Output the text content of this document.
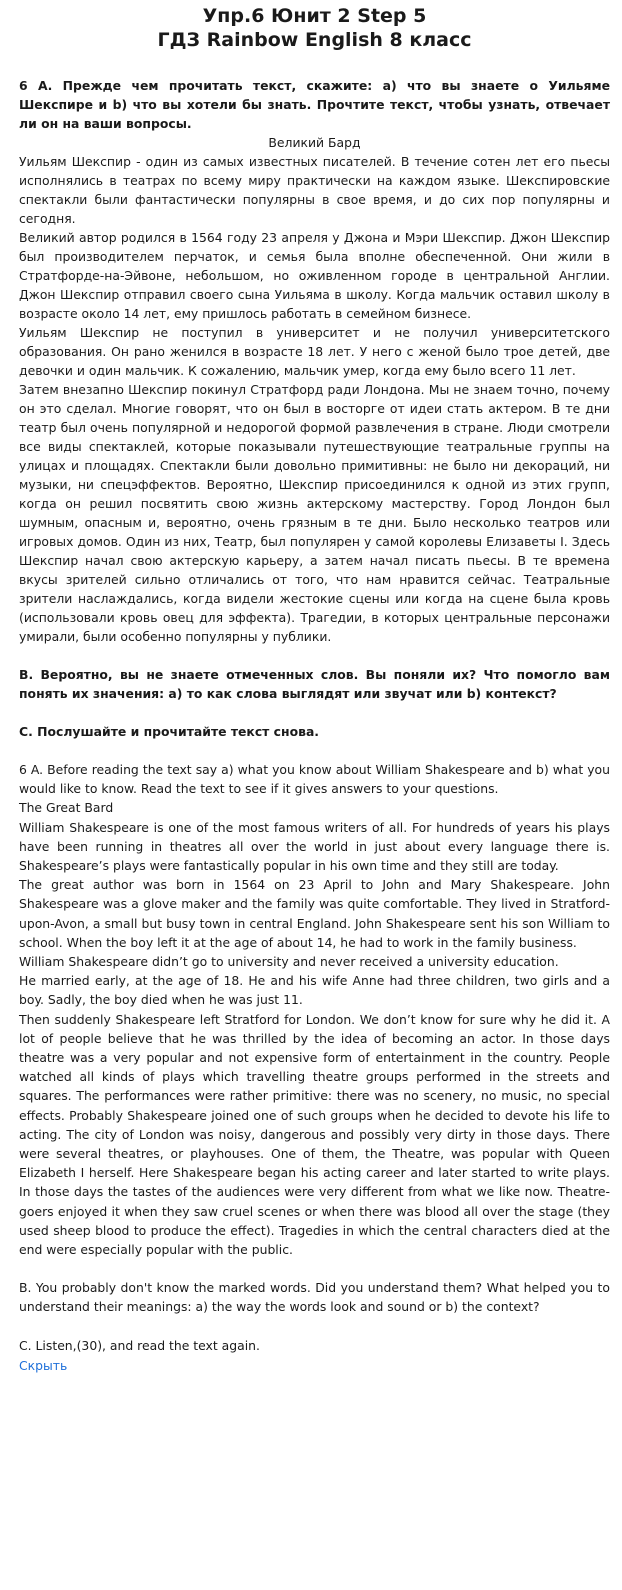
Упр.6 Юнит 2 Step 5
ГДЗ Rainbow English 8 класс

6 А. Прежде чем прочитать текст, скажите: а) что вы знаете о Уильяме Шекспире и b) что вы хотели бы знать. Прочтите текст, чтобы узнать, отвечает ли он на ваши вопросы.

Великий Бард

Уильям Шекспир - один из самых известных писателей. В течение сотен лет его пьесы исполнялись в театрах по всему миру практически на каждом языке. Шекспировские спектакли были фантастически популярны в свое время, и до сих пор популярны и сегодня.

Великий автор родился в 1564 году 23 апреля у Джона и Мэри Шекспир. Джон Шекспир был производителем перчаток, и семья была вполне обеспеченной. Они жили в Стратфорде-на-Эйвоне, небольшом, но оживленном городе в центральной Англии. Джон Шекспир отправил своего сына Уильяма в школу. Когда мальчик оставил школу в возрасте около 14 лет, ему пришлось работать в семейном бизнесе.

Уильям Шекспир не поступил в университет и не получил университетского образования. Он рано женился в возрасте 18 лет. У него с женой было трое детей, две девочки и один мальчик. К сожалению, мальчик умер, когда ему было всего 11 лет.

Затем внезапно Шекспир покинул Стратфорд ради Лондона. Мы не знаем точно, почему он это сделал. Многие говорят, что он был в восторге от идеи стать актером. В те дни театр был очень популярной и недорогой формой развлечения в стране. Люди смотрели все виды спектаклей, которые показывали путешествующие театральные группы на улицах и площадях. Спектакли были довольно примитивны: не было ни декораций, ни музыки, ни спецэффектов. Вероятно, Шекспир присоединился к одной из этих групп, когда он решил посвятить свою жизнь актерскому мастерству. Город Лондон был шумным, опасным и, вероятно, очень грязным в те дни. Было несколько театров или игровых домов. Один из них, Театр, был популярен у самой королевы Елизаветы I. Здесь Шекспир начал свою актерскую карьеру, а затем начал писать пьесы. В те времена вкусы зрителей сильно отличались от того, что нам нравится сейчас. Театральные зрители наслаждались, когда видели жестокие сцены или когда на сцене была кровь (использовали кровь овец для эффекта). Трагедии, в которых центральные персонажи умирали, были особенно популярны у публики.

B. Вероятно, вы не знаете отмеченных слов. Вы поняли их? Что помогло вам понять их значения: а) то как слова выглядят или звучат или b) контекст?

С. Послушайте и прочитайте текст снова.

6 A. Before reading the text say a) what you know about William Shakespeare and b) what you would like to know. Read the text to see if it gives answers to your questions.

The Great Bard

William Shakespeare is one of the most famous writers of all. For hundreds of years his plays have been running in theatres all over the world in just about every language there is. Shakespeare’s plays were fantastically popular in his own time and they still are today.

The great author was born in 1564 on 23 April to John and Mary Shakespeare. John Shakespeare was a glove maker and the family was quite comfortable. They lived in Stratford-upon-Avon, a small but busy town in central England. John Shakespeare sent his son William to school. When the boy left it at the age of about 14, he had to work in the family business.

William Shakespeare didn’t go to university and never received a university education.

He married early, at the age of 18. He and his wife Anne had three children, two girls and a boy. Sadly, the boy died when he was just 11.

Then suddenly Shakespeare left Stratford for London. We don’t know for sure why he did it. A lot of people believe that he was thrilled by the idea of becoming an actor. In those days theatre was a very popular and not expensive form of entertainment in the country. People watched all kinds of plays which travelling theatre groups performed in the streets and squares. The performances were rather primitive: there was no scenery, no music, no special effects. Probably Shakespeare joined one of such groups when he decided to devote his life to acting. The city of London was noisy, dangerous and possibly very dirty in those days. There were several theatres, or playhouses. One of them, the Theatre, was popular with Queen Elizabeth I herself. Here Shakespeare began his acting career and later started to write plays. In those days the tastes of the audiences were very different from what we like now. Theatre-goers enjoyed it when they saw cruel scenes or when there was blood all over the stage (they used sheep blood to produce the effect). Tragedies in which the central characters died at the end were especially popular with the public.

B. You probably don't know the marked words. Did you understand them? What helped you to understand their meanings: a) the way the words look and sound or b) the context?

C. Listen,(30), and read the text again.

Скрыть
